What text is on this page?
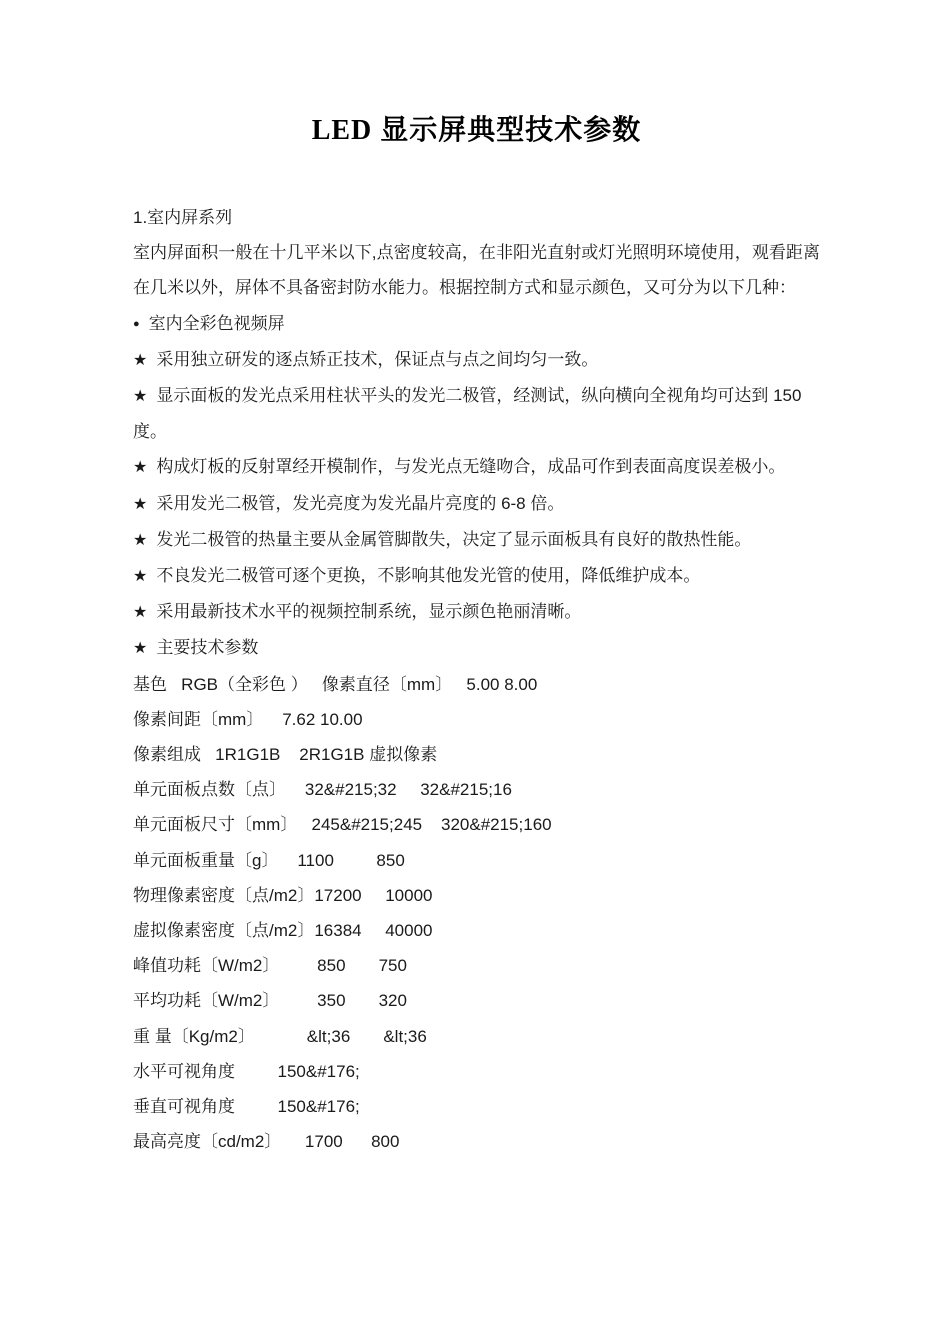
LED 显示屏典型技术参数

1.室内屏系列

室内屏面积一般在十几平米以下,点密度较高，在非阳光直射或灯光照明环境使用，观看距离在几米以外，屏体不具备密封防水能力。根据控制方式和显示颜色，又可分为以下几种：

● 室内全彩色视频屏

★ 采用独立研发的逐点矫正技术，保证点与点之间均匀一致。

★ 显示面板的发光点采用柱状平头的发光二极管，经测试，纵向横向全视角均可达到 150 度。

★ 构成灯板的反射罩经开模制作，与发光点无缝吻合，成品可作到表面高度误差极小。

★ 采用发光二极管，发光亮度为发光晶片亮度的 6-8 倍。

★ 发光二极管的热量主要从金属管脚散失，决定了显示面板具有良好的散热性能。

★ 不良发光二极管可逐个更换，不影响其他发光管的使用，降低维护成本。

★ 采用最新技术水平的视频控制系统，显示颜色艳丽清晰。

★ 主要技术参数

基色   RGB（全彩色 ）   像素直径〔mm〕   5.00 8.00

像素间距〔mm〕    7.62 10.00

像素组成   1R1G1B    2R1G1B 虚拟像素

单元面板点数〔点〕    32&#215;32     32&#215;16

单元面板尺寸〔mm〕   245&#215;245    320&#215;160

单元面板重量〔g〕    1100         850

物理像素密度〔点/m2〕17200     10000

虚拟像素密度〔点/m2〕16384     40000

峰值功耗〔W/m2〕        850       750

平均功耗〔W/m2〕        350       320

重 量〔Kg/m2〕           &lt;36       &lt;36

水平可视角度         150&#176;

垂直可视角度         150&#176;

最高亮度〔cd/m2〕     1700      800
